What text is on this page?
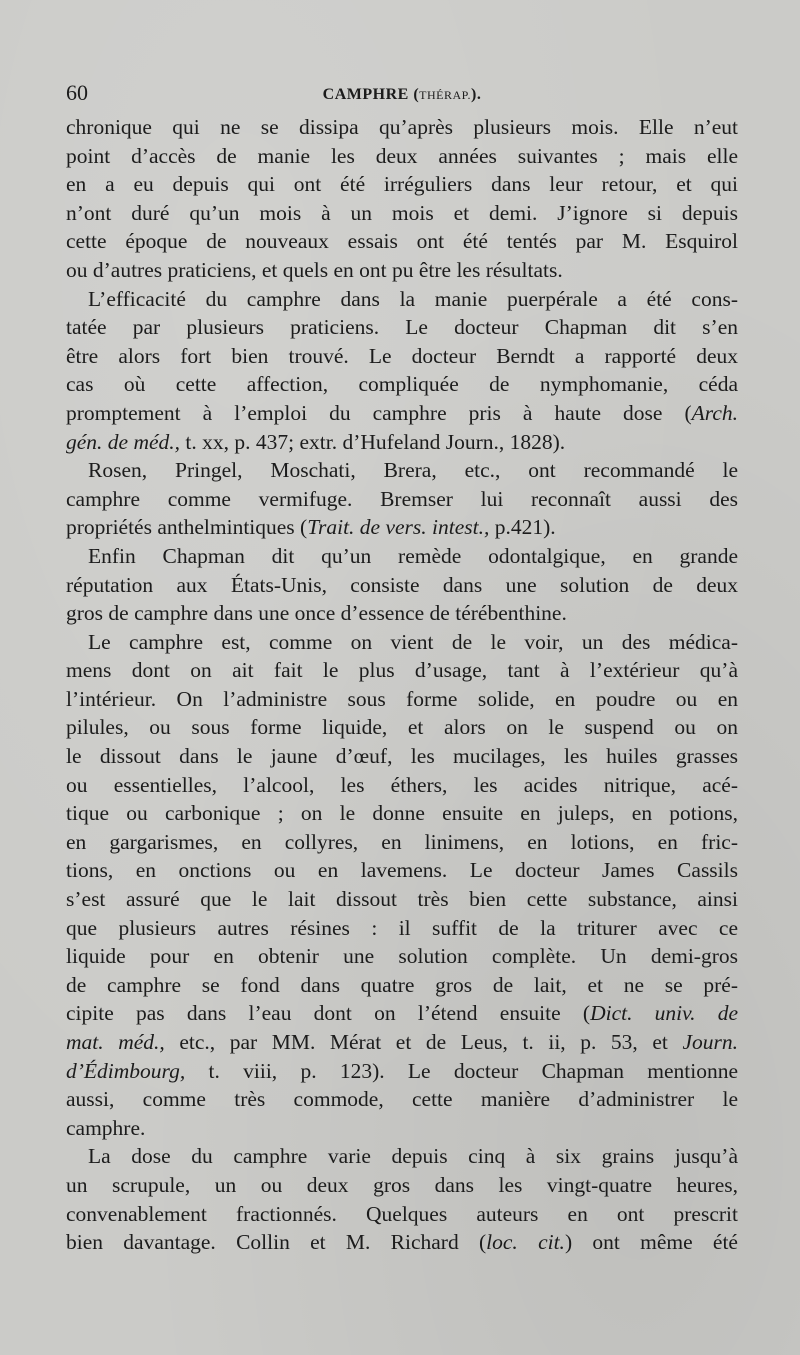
60	CAMPHRE (THÉRAP.).
chronique qui ne se dissipa qu’après plusieurs mois. Elle n’eut
point d’accès de manie les deux années suivantes ; mais elle
en a eu depuis qui ont été irréguliers dans leur retour, et qui
n’ont duré qu’un mois à un mois et demi. J’ignore si depuis
cette époque de nouveaux essais ont été tentés par M. Esquirol
ou d’autres praticiens, et quels en ont pu être les résultats.
L’efficacité du camphre dans la manie puerpérale a été cons-
tatée par plusieurs praticiens. Le docteur Chapman dit s’en
être alors fort bien trouvé. Le docteur Berndt a rapporté deux
cas où cette affection, compliquée de nymphomanie, céda
promptement à l’emploi du camphre pris à haute dose (Arch.
gén. de méd., t. xx, p. 437; extr. d’Hufeland Journ., 1828).
Rosen, Pringel, Moschati, Brera, etc., ont recommandé le
camphre comme vermifuge. Bremser lui reconnaît aussi des
propriétés anthelmintiques (Trait. de vers. intest., p.421).
Enfin Chapman dit qu’un remède odontalgique, en grande
réputation aux États-Unis, consiste dans une solution de deux
gros de camphre dans une once d’essence de térébenthine.
Le camphre est, comme on vient de le voir, un des médica-
mens dont on ait fait le plus d’usage, tant à l’extérieur qu’à
l’intérieur. On l’administre sous forme solide, en poudre ou en
pilules, ou sous forme liquide, et alors on le suspend ou on
le dissout dans le jaune d’œuf, les mucilages, les huiles grasses
ou essentielles, l’alcool, les éthers, les acides nitrique, acé-
tique ou carbonique ; on le donne ensuite en juleps, en potions,
en gargarismes, en collyres, en linimens, en lotions, en fric-
tions, en onctions ou en lavemens. Le docteur James Cassils
s’est assuré que le lait dissout très bien cette substance, ainsi
que plusieurs autres résines : il suffit de la triturer avec ce
liquide pour en obtenir une solution complète. Un demi-gros
de camphre se fond dans quatre gros de lait, et ne se pré-
cipite pas dans l’eau dont on l’étend ensuite (Dict. univ. de
mat. méd., etc., par MM. Mérat et de Leus, t. ii, p. 53, et Journ.
d’Édimbourg, t. viii, p. 123). Le docteur Chapman mentionne
aussi, comme très commode, cette manière d’administrer le
camphre.
La dose du camphre varie depuis cinq à six grains jusqu’à
un scrupule, un ou deux gros dans les vingt-quatre heures,
convenablement fractionnés. Quelques auteurs en ont prescrit
bien davantage. Collin et M. Richard (loc. cit.) ont même été
